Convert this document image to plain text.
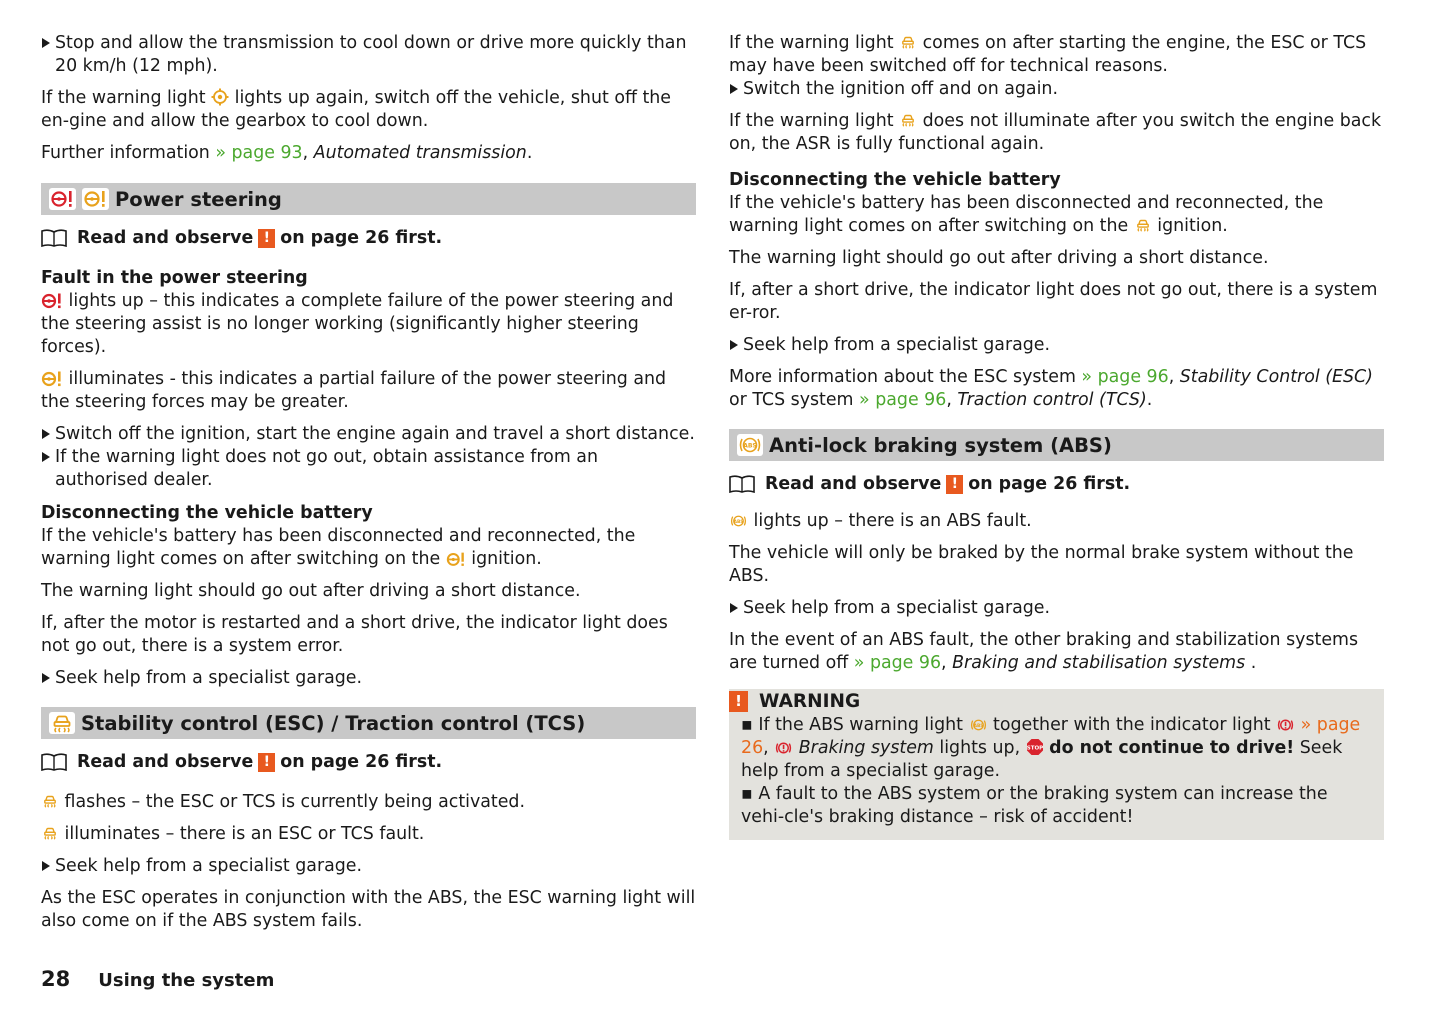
Stop and allow the transmission to cool down or drive more quickly than 20 km/h (12 mph).

If the warning light lights up again, switch off the vehicle, shut off the en-gine and allow the gearbox to cool down.

Further information » page 93, Automated transmission.

Power steering
Read and observe ! on page 26 first.

Fault in the power steering

lights up – this indicates a complete failure of the power steering and the steering assist is no longer working (significantly higher steering forces).

illuminates - this indicates a partial failure of the power steering and the steering forces may be greater.

Switch off the ignition, start the engine again and travel a short distance.
If the warning light does not go out, obtain assistance from an authorised dealer.

Disconnecting the vehicle battery

If the vehicle's battery has been disconnected and reconnected, the warning light comes on after switching on the ignition.

The warning light should go out after driving a short distance.

If, after the motor is restarted and a short drive, the indicator light does not go out, there is a system error.

Seek help from a specialist garage.
Stability control (ESC) / Traction control (TCS)
Read and observe ! on page 26 first.

flashes – the ESC or TCS is currently being activated.

illuminates – there is an ESC or TCS fault.

Seek help from a specialist garage.

As the ESC operates in conjunction with the ABS, the ESC warning light will also come on if the ABS system fails.

If the warning light comes on after starting the engine, the ESC or TCS may have been switched off for technical reasons.

Switch the ignition off and on again.

If the warning light does not illuminate after you switch the engine back on, the ASR is fully functional again.

Disconnecting the vehicle battery

If the vehicle's battery has been disconnected and reconnected, the warning light comes on after switching on the ignition.

The warning light should go out after driving a short distance.

If, after a short drive, the indicator light does not go out, there is a system er-ror.

Seek help from a specialist garage.

More information about the ESC system » page 96, Stability Control (ESC) or TCS system » page 96, Traction control (TCS).

ABS Anti-lock braking system (ABS)
Read and observe ! on page 26 first.

ABS lights up – there is an ABS fault.

The vehicle will only be braked by the normal brake system without the ABS.

Seek help from a specialist garage.

In the event of an ABS fault, the other braking and stabilization systems are turned off » page 96, Braking and stabilisation systems .

! WARNING
▪ If the ABS warning light ABS together with the indicator light » page 26,  Braking system lights up, STOP do not continue to drive! Seek help from a specialist garage.
▪ A fault to the ABS system or the braking system can increase the vehi-cle's braking distance – risk of accident!
28 Using the system
